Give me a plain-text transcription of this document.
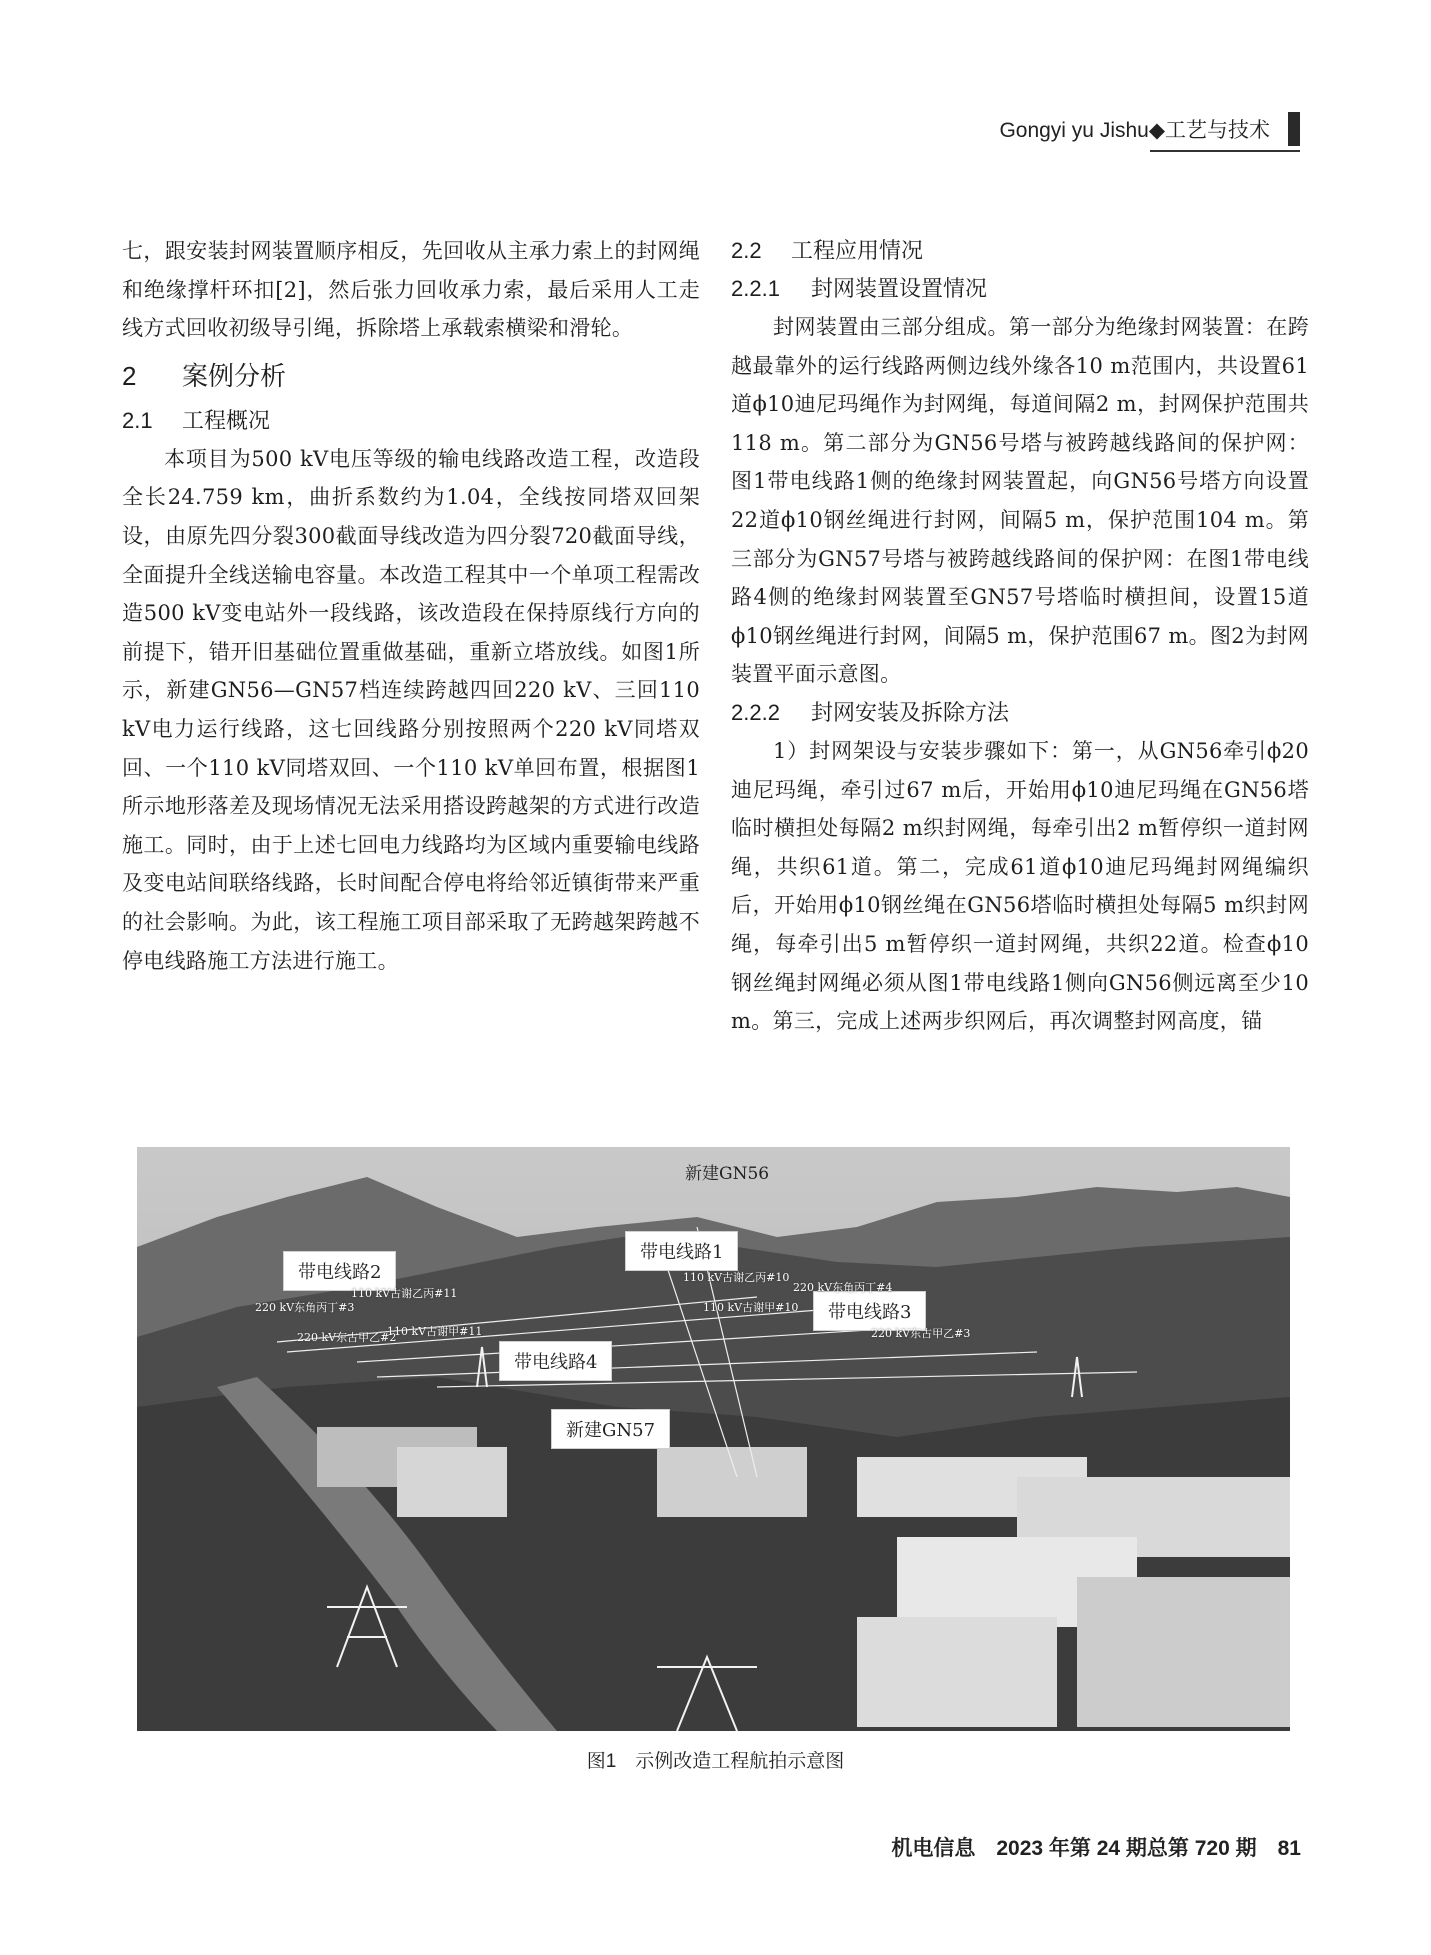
Gongyi yu Jishu◆工艺与技术

七，跟安装封网装置顺序相反，先回收从主承力索上的封网绳和绝缘撑杆环扣[2]，然后张力回收承力索，最后采用人工走线方式回收初级导引绳，拆除塔上承载索横梁和滑轮。

2 案例分析
2.1 工程概况

本项目为500 kV电压等级的输电线路改造工程，改造段全长24.759 km，曲折系数约为1.04，全线按同塔双回架设，由原先四分裂300截面导线改造为四分裂720截面导线，全面提升全线送输电容量。本改造工程其中一个单项工程需改造500 kV变电站外一段线路，该改造段在保持原线行方向的前提下，错开旧基础位置重做基础，重新立塔放线。如图1所示，新建GN56—GN57档连续跨越四回220 kV、三回110 kV电力运行线路，这七回线路分别按照两个220 kV同塔双回、一个110 kV同塔双回、一个110 kV单回布置，根据图1所示地形落差及现场情况无法采用搭设跨越架的方式进行改造施工。同时，由于上述七回电力线路均为区域内重要输电线路及变电站间联络线路，长时间配合停电将给邻近镇街带来严重的社会影响。为此，该工程施工项目部采取了无跨越架跨越不停电线路施工方法进行施工。

2.2 工程应用情况
2.2.1 封网装置设置情况

封网装置由三部分组成。第一部分为绝缘封网装置：在跨越最靠外的运行线路两侧边线外缘各10 m范围内，共设置61道ϕ10迪尼玛绳作为封网绳，每道间隔2 m，封网保护范围共118 m。第二部分为GN56号塔与被跨越线路间的保护网：图1带电线路1侧的绝缘封网装置起，向GN56号塔方向设置22道ϕ10钢丝绳进行封网，间隔5 m，保护范围104 m。第三部分为GN57号塔与被跨越线路间的保护网：在图1带电线路4侧的绝缘封网装置至GN57号塔临时横担间，设置15道ϕ10钢丝绳进行封网，间隔5 m，保护范围67 m。图2为封网装置平面示意图。

2.2.2 封网安装及拆除方法

1）封网架设与安装步骤如下：第一，从GN56牵引ϕ20迪尼玛绳，牵引过67 m后，开始用ϕ10迪尼玛绳在GN56塔临时横担处每隔2 m织封网绳，每牵引出2 m暂停织一道封网绳，共织61道。第二，完成61道ϕ10迪尼玛绳封网绳编织后，开始用ϕ10钢丝绳在GN56塔临时横担处每隔5 m织封网绳，每牵引出5 m暂停织一道封网绳，共织22道。检查ϕ10钢丝绳封网绳必须从图1带电线路1侧向GN56侧远离至少10 m。第三，完成上述两步织网后，再次调整封网高度，锚

新建GN56
带电线路2
带电线路1
带电线路3
带电线路4
新建GN57
110 kV古谢乙丙#11
220 kV东角丙丁#3
220 kV东古甲乙#2
110 kV古谢甲#11
110 kV古谢乙丙#10
220 kV东角丙丁#4
110 kV古谢甲#10
220 kV东古甲乙#3
图1　示例改造工程航拍示意图
机电信息　2023 年第 24 期总第 720 期　81
